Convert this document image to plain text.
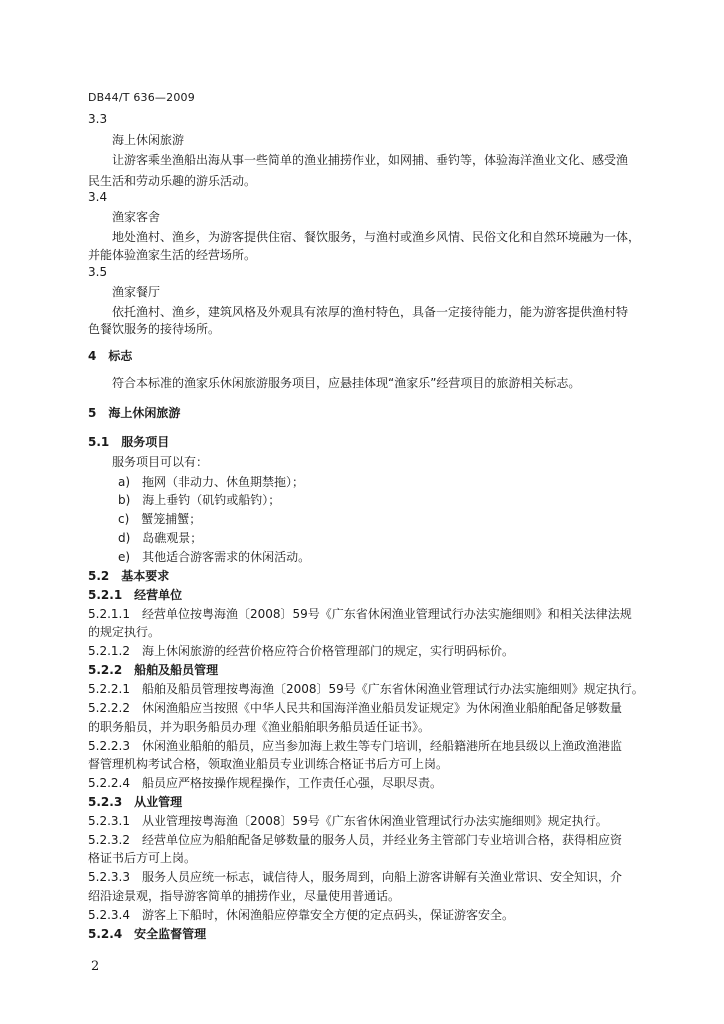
DB44/T 636—2009
3.3
海上休闲旅游
让游客乘坐渔船出海从事一些简单的渔业捕捞作业，如网捕、垂钓等，体验海洋渔业文化、感受渔
民生活和劳动乐趣的游乐活动。
3.4
渔家客舍
地处渔村、渔乡，为游客提供住宿、餐饮服务，与渔村或渔乡风情、民俗文化和自然环境融为一体，
并能体验渔家生活的经营场所。
3.5
渔家餐厅
依托渔村、渔乡，建筑风格及外观具有浓厚的渔村特色，具备一定接待能力，能为游客提供渔村特
色餐饮服务的接待场所。
4　标志
符合本标准的渔家乐休闲旅游服务项目，应悬挂体现“渔家乐”经营项目的旅游相关标志。
5　海上休闲旅游
5.1　服务项目
服务项目可以有：
a)　拖网（非动力、休鱼期禁拖）；
b)　海上垂钓（矶钓或船钓）；
c)　蟹笼捕蟹；
d)　岛礁观景；
e)　其他适合游客需求的休闲活动。
5.2　基本要求
5.2.1　经营单位
5.2.1.1　经营单位按粤海渔〔2008〕59号《广东省休闲渔业管理试行办法实施细则》和相关法律法规
的规定执行。
5.2.1.2　海上休闲旅游的经营价格应符合价格管理部门的规定，实行明码标价。
5.2.2　船舶及船员管理
5.2.2.1　船舶及船员管理按粤海渔〔2008〕59号《广东省休闲渔业管理试行办法实施细则》规定执行。
5.2.2.2　休闲渔船应当按照《中华人民共和国海洋渔业船员发证规定》为休闲渔业船舶配备足够数量
的职务船员，并为职务船员办理《渔业船舶职务船员适任证书》。
5.2.2.3　休闲渔业船舶的船员，应当参加海上救生等专门培训，经船籍港所在地县级以上渔政渔港监
督管理机构考试合格，领取渔业船员专业训练合格证书后方可上岗。
5.2.2.4　船员应严格按操作规程操作，工作责任心强，尽职尽责。
5.2.3　从业管理
5.2.3.1　从业管理按粤海渔〔2008〕59号《广东省休闲渔业管理试行办法实施细则》规定执行。
5.2.3.2　经营单位应为船舶配备足够数量的服务人员，并经业务主管部门专业培训合格，获得相应资
格证书后方可上岗。
5.2.3.3　服务人员应统一标志，诚信待人，服务周到，向船上游客讲解有关渔业常识、安全知识，介
绍沿途景观，指导游客简单的捕捞作业，尽量使用普通话。
5.2.3.4　游客上下船时，休闲渔船应停靠安全方便的定点码头，保证游客安全。
5.2.4　安全监督管理
2
